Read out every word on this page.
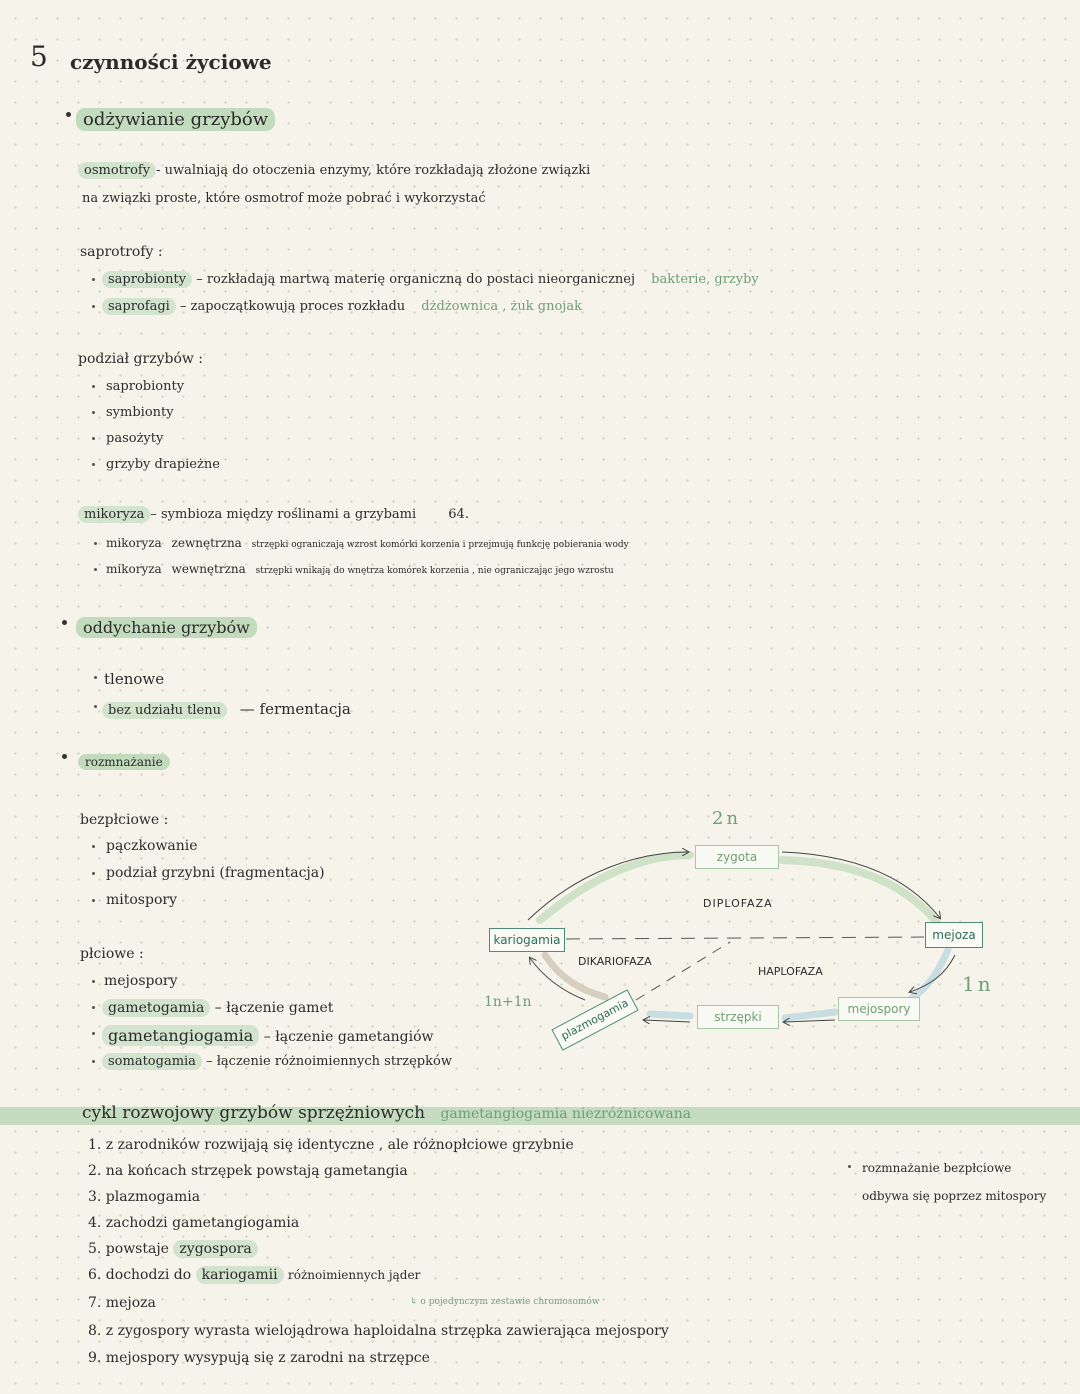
5 czynności życiowe
odżywianie grzybów
osmotrofy - uwalniają do otoczenia enzymy, które rozkładają złożone związki
na związki proste, które osmotrof może pobrać i wykorzystać
saprotrofy :
saprobionty – rozkładają martwą materię organiczną do postaci nieorganicznej bakterie, grzyby
saprofagi – zapoczątkowują proces rozkładu dżdżownica , żuk gnojak
podział grzybów :
saprobionty
symbionty
pasożyty
grzyby drapieżne
mikoryza – symbioza między roślinami a grzybami 64.
mikoryza zewnętrzna strzępki ograniczają wzrost komórki korzenia i przejmują funkcję pobierania wody
mikoryza wewnętrzna strzępki wnikają do wnętrza komórek korzenia , nie ograniczając jego wzrostu
oddychanie grzybów
tlenowe
bez udziału tlenu — fermentacja
rozmnażanie
bezpłciowe :
pączkowanie
podział grzybni (fragmentacja)
mitospory
płciowe :
mejospory
gametogamia – łączenie gamet
gametangiogamia – łączenie gametangiów
somatogamia – łączenie różnoimiennych strzępków
2n
1n
1n+1n
zygota
kariogamia	mejoza
mejospory
strzępki
plazmogamia
DIPLOFAZA
DIKARIOFAZA
HAPLOFAZA
cykl rozwojowy grzybów sprzężniowych gametangiogamia niezróżnicowana
1. z zarodników rozwijają się identyczne , ale różnopłciowe grzybnie
2. na końcach strzępek powstają gametangia
3. plazmogamia
4. zachodzi gametangiogamia
5. powstaje zygospora
6. dochodzi do kariogamii różnoimiennych jąder
7. mejoza	↳ o pojedynczym zestawie chromosomów
8. z zygospory wyrasta wielojądrowa haploidalna strzępka zawierająca mejospory
9. mejospory wysypują się z zarodni na strzępce
rozmnażanie bezpłciowe
odbywa się poprzez mitospory
